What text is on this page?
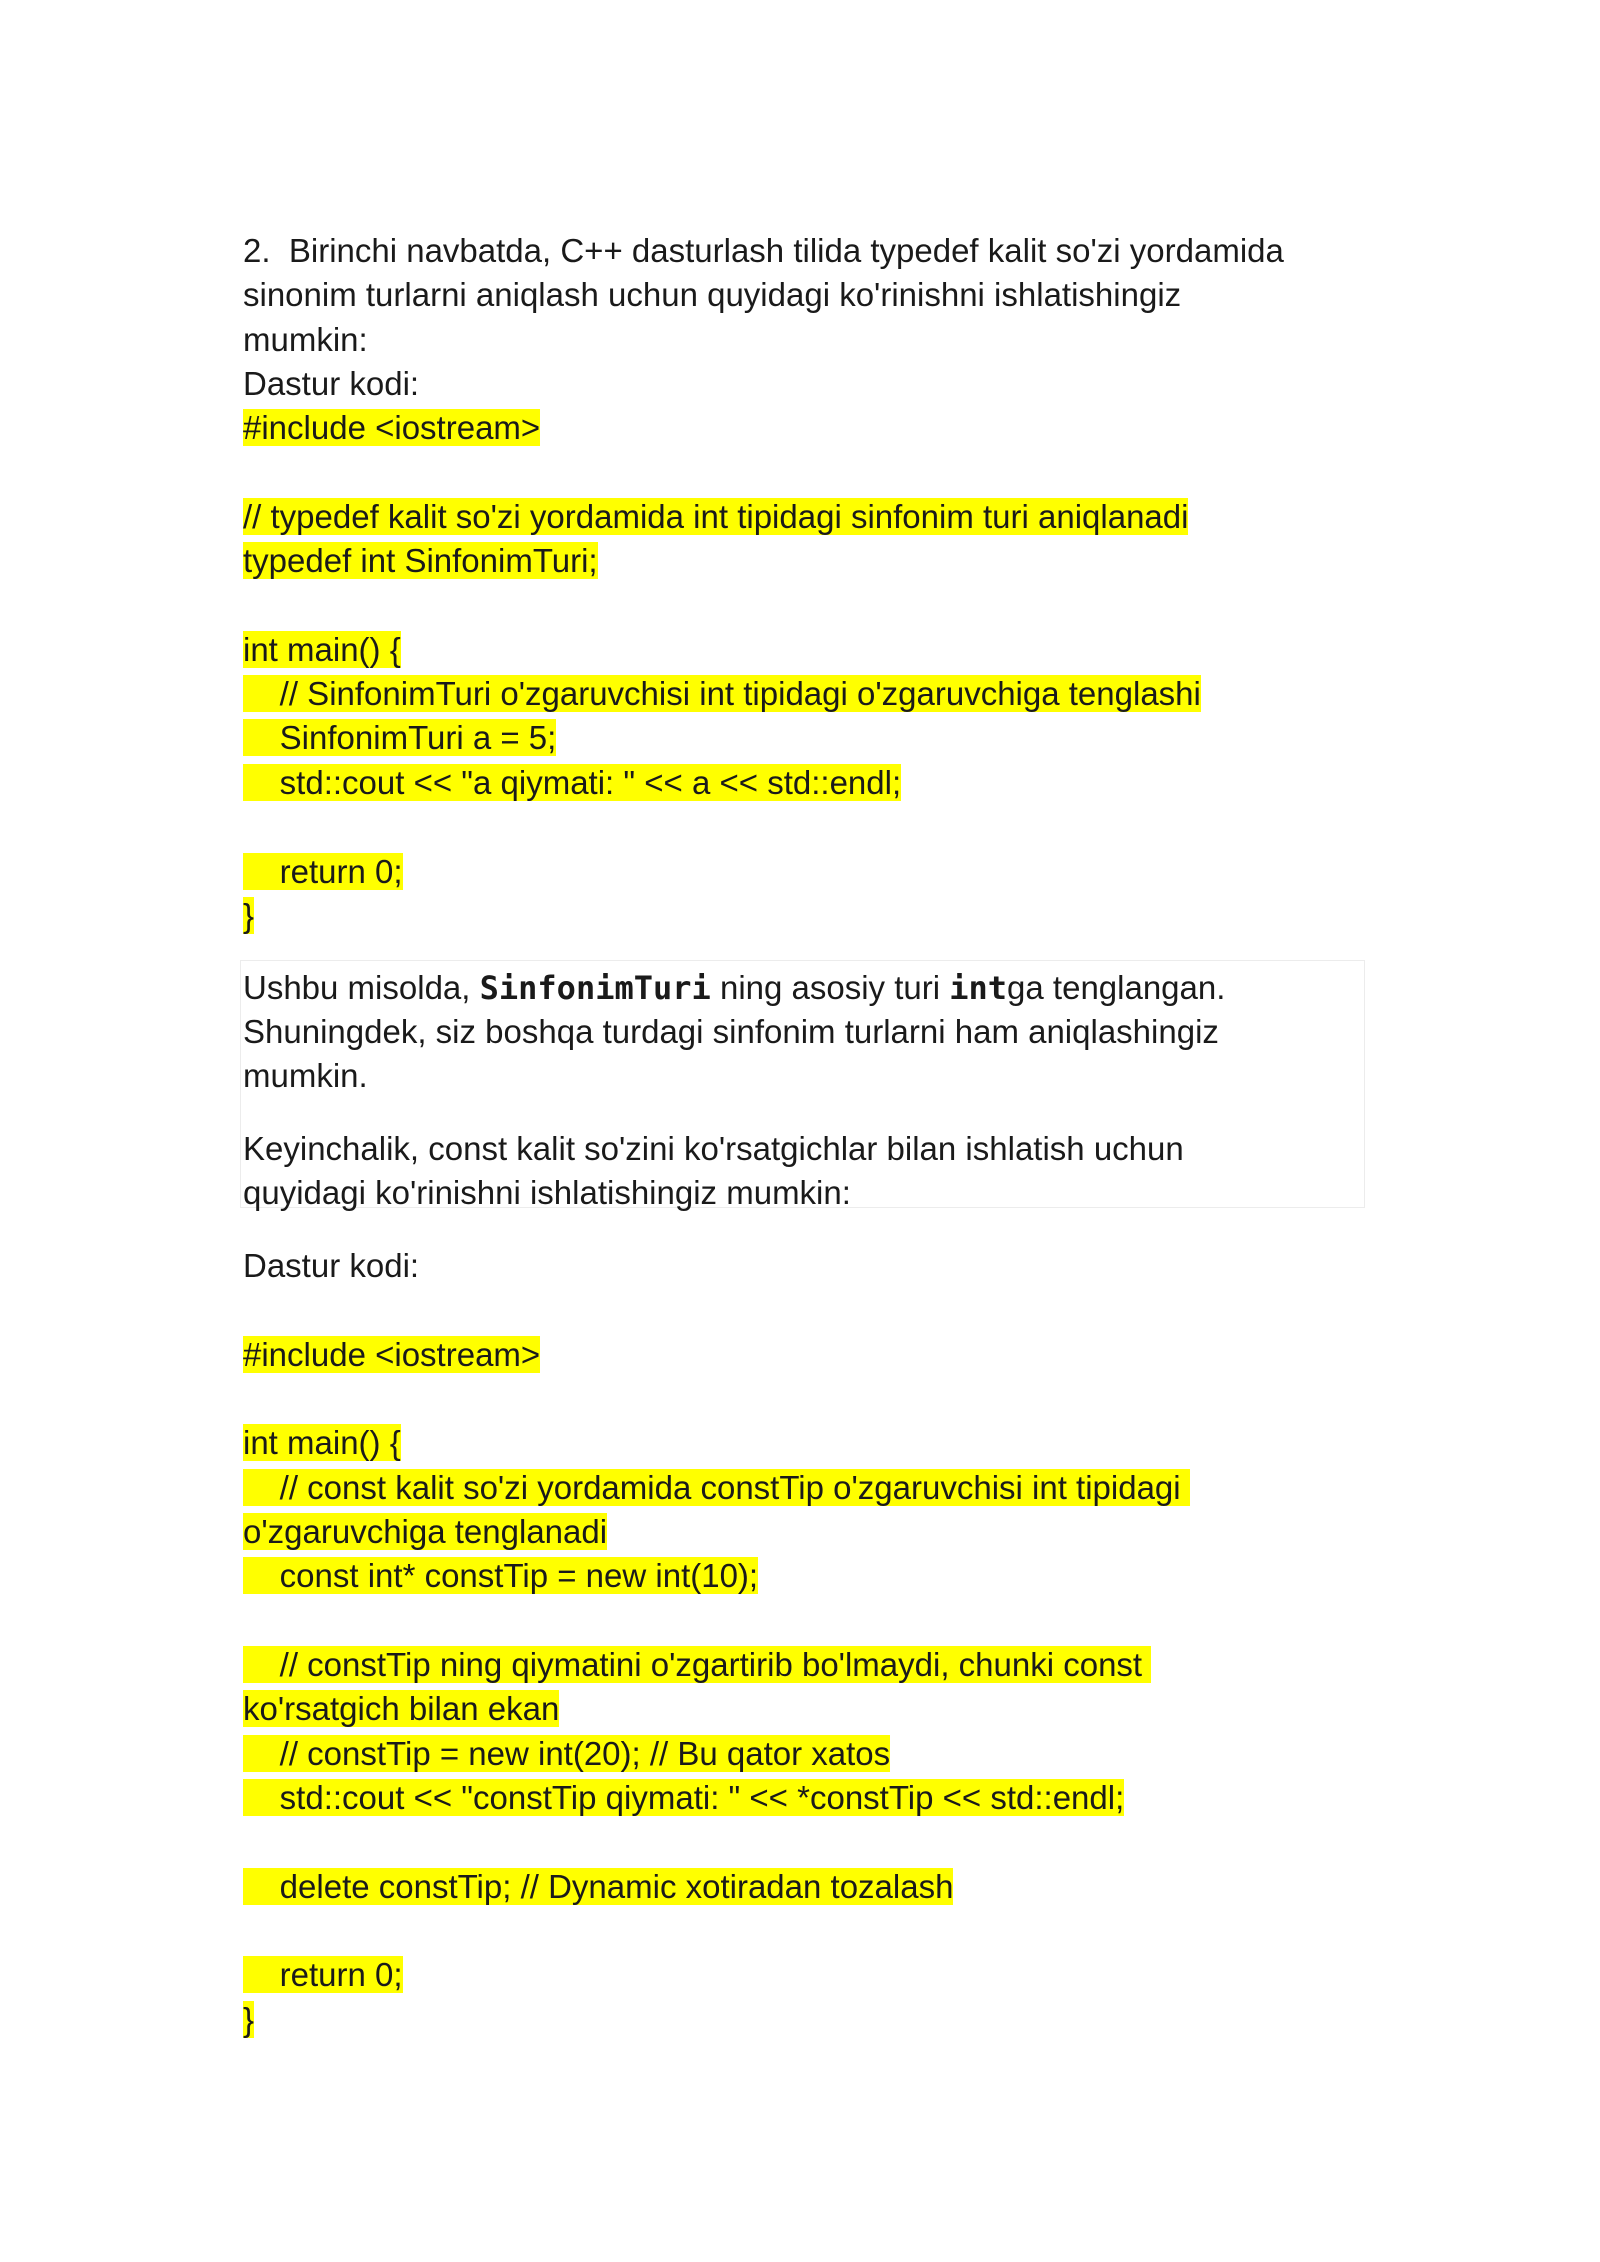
2.  Birinchi navbatda, C++ dasturlash tilida typedef kalit so'zi yordamida
sinonim turlarni aniqlash uchun quyidagi ko'rinishni ishlatishingiz
mumkin:
Dastur kodi:
#include <iostream>
// typedef kalit so'zi yordamida int tipidagi sinfonim turi aniqlanadi
typedef int SinfonimTuri;
int main() {
// SinfonimTuri o'zgaruvchisi int tipidagi o'zgaruvchiga tenglashi
SinfonimTuri a = 5;
std::cout << "a qiymati: " << a << std::endl;
return 0;
}
Ushbu misolda, SinfonimTuri ning asosiy turi intga tenglangan.
Shuningdek, siz boshqa turdagi sinfonim turlarni ham aniqlashingiz
mumkin.
Keyinchalik, const kalit so'zini ko'rsatgichlar bilan ishlatish uchun
quyidagi ko'rinishni ishlatishingiz mumkin:
Dastur kodi:
#include <iostream>
int main() {
// const kalit so'zi yordamida constTip o'zgaruvchisi int tipidagi
o'zgaruvchiga tenglanadi
const int* constTip = new int(10);
// constTip ning qiymatini o'zgartirib bo'lmaydi, chunki const
ko'rsatgich bilan ekan
// constTip = new int(20); // Bu qator xatos
std::cout << "constTip qiymati: " << *constTip << std::endl;
delete constTip; // Dynamic xotiradan tozalash
return 0;
}
